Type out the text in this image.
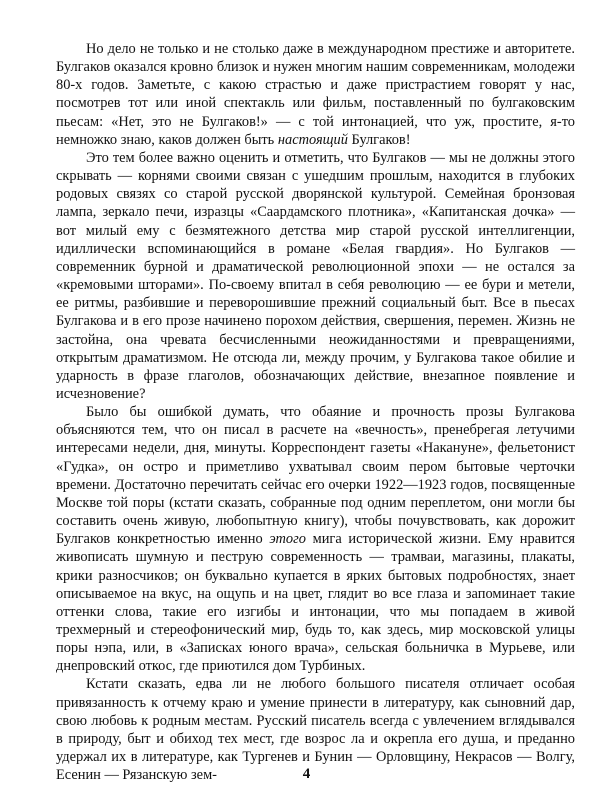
Но дело не только и не столько даже в международном престиже и авторитете. Булгаков оказался кровно близок и нужен многим нашим современникам, молодежи 80-х годов. Заметьте, с какою страстью и даже пристрастием говорят у нас, посмотрев тот или иной спектакль или фильм, поставленный по булгаковским пьесам: «Нет, это не Булгаков!» — с той интонацией, что уж, простите, я-то немножко знаю, каков должен быть настоящий Булгаков!

Это тем более важно оценить и отметить, что Булгаков — мы не должны этого скрывать — корнями своими связан с ушедшим прошлым, находится в глубоких родовых связях со старой русской дворянской культурой. Семейная бронзовая лампа, зеркало печи, изразцы «Саардамского плотника», «Капитанская дочка» — вот милый ему с безмятежного детства мир старой русской интеллигенции, идиллически вспоминающийся в романе «Белая гвардия». Но Булгаков — современник бурной и драматической революционной эпохи — не остался за «кремовыми шторами». По-своему впитал в себя революцию — ее бури и метели, ее ритмы, разбившие и переворошившие прежний социальный быт. Все в пьесах Булгакова и в его прозе начинено порохом действия, свершения, перемен. Жизнь не застойна, она чревата бесчисленными неожиданностями и превращениями, открытым драматизмом. Не отсюда ли, между прочим, у Булгакова такое обилие и ударность в фразе глаголов, обозначающих действие, внезапное появление и исчезновение?

Было бы ошибкой думать, что обаяние и прочность прозы Булгакова объясняются тем, что он писал в расчете на «вечность», пренебрегая летучими интересами недели, дня, минуты. Корреспондент газеты «Накануне», фельетонист «Гудка», он остро и приметливо ухватывал своим пером бытовые черточки времени. Достаточно перечитать сейчас его очерки 1922—1923 годов, посвященные Москве той поры (кстати сказать, собранные под одним переплетом, они могли бы составить очень живую, любопытную книгу), чтобы почувствовать, как дорожит Булгаков конкретностью именно этого мига исторической жизни. Ему нравится живописать шумную и пеструю современность — трамваи, магазины, плакаты, крики разносчиков; он буквально купается в ярких бытовых подробностях, знает описываемое на вкус, на ощупь и на цвет, глядит во все глаза и запоминает такие оттенки слова, такие его изгибы и интонации, что мы попадаем в живой трехмерный и стереофонический мир, будь то, как здесь, мир московской улицы поры нэпа, или, в «Записках юного врача», сельская больничка в Мурьеве, или днепровский откос, где приютился дом Турбиных.

Кстати сказать, едва ли не любого большого писателя отличает особая привязанность к отчему краю и умение принести в литературу, как сыновний дар, свою любовь к родным местам. Русский писатель всегда с увлечением вглядывался в природу, быт и обиход тех мест, где возрос ла и окрепла его душа, и преданно удержал их в литературе, как Тургенев и Бунин — Орловщину, Некрасов — Волгу, Есенин — Рязанскую зем-	4
